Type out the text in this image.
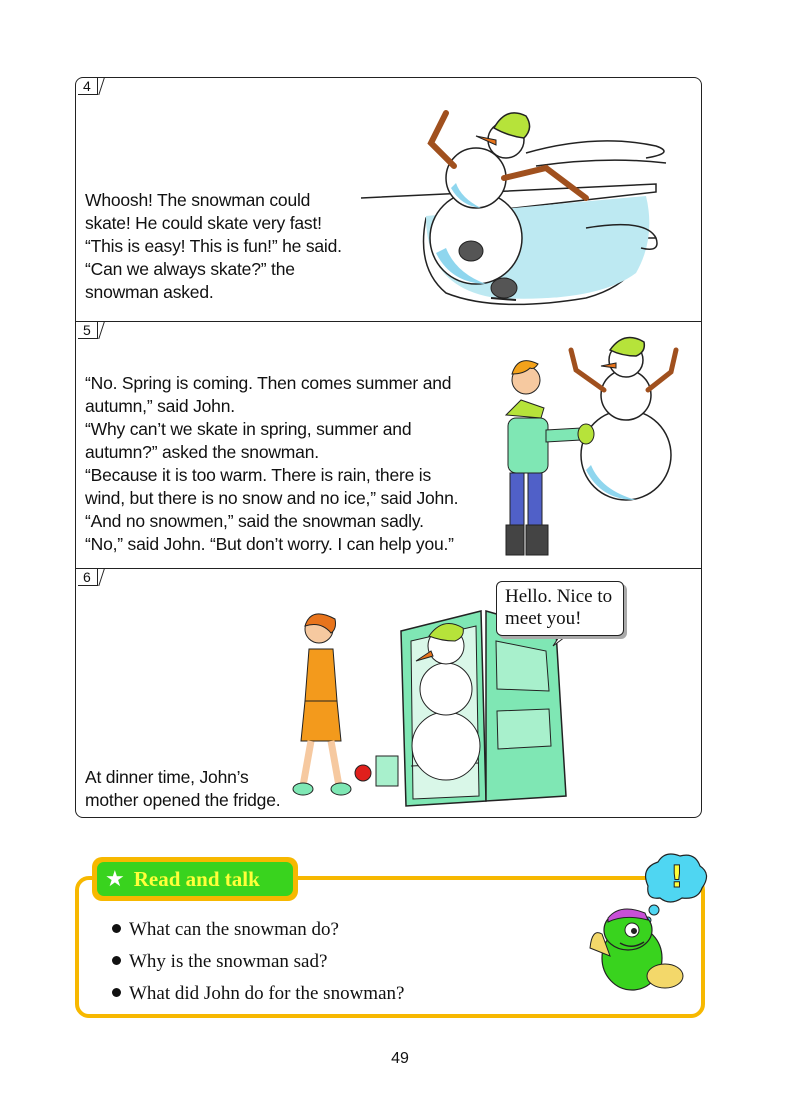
4
Whoosh! The snowman could
skate! He could skate very fast!
“This is easy! This is fun!” he said.
“Can we always skate?” the
snowman asked.
5
“No. Spring is coming. Then comes summer and
autumn,” said John.
“Why can’t we skate in spring, summer and
autumn?” asked the snowman.
“Because it is too warm. There is rain, there is
wind, but there is no snow and no ice,” said John.
“And no snowmen,” said the snowman sadly.
“No,” said John. “But don’t worry. I can help you.”
6
At dinner time, John’s
mother opened the fridge.
Hello. Nice to
meet you!
★ Read and talk
What can the snowman do?
Why is the snowman sad?
What did John do for the snowman?
!
49
